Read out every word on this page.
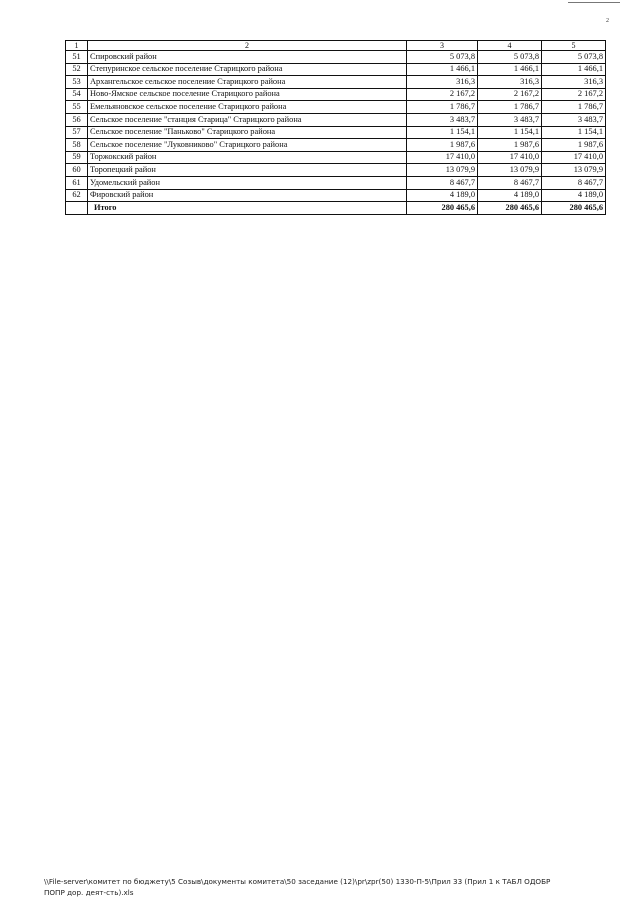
2
1	2	3	4	5
51	Спировский район	5 073,8	5 073,8	5 073,8
52	Степуринское сельское поселение Старицкого района	1 466,1	1 466,1	1 466,1
53	Архангельское сельское поселение Старицкого района	316,3	316,3	316,3
54	Ново-Ямское сельское поселение Старицкого района	2 167,2	2 167,2	2 167,2
55	Емельяновское сельское поселение Старицкого района	1 786,7	1 786,7	1 786,7
56	Сельское поселение "станция Старица" Старицкого района	3 483,7	3 483,7	3 483,7
57	Сельское поселение "Паньково" Старицкого района	1 154,1	1 154,1	1 154,1
58	Сельское поселение "Луковниково" Старицкого района	1 987,6	1 987,6	1 987,6
59	Торжокский район	17 410,0	17 410,0	17 410,0
60	Торопецкий район	13 079,9	13 079,9	13 079,9
61	Удомельский район	8 467,7	8 467,7	8 467,7
62	Фировский район	4 189,0	4 189,0	4 189,0
	Итого	280 465,6	280 465,6	280 465,6
\\File-server\комитет по бюджету\5 Созыв\документы комитета\50 заседание (12)\pr\zpr(50) 1330-П-5\Прил 33 (Прил 1 к ТАБЛ ОДОБР
ПОПР дор. деят-сть).xls
